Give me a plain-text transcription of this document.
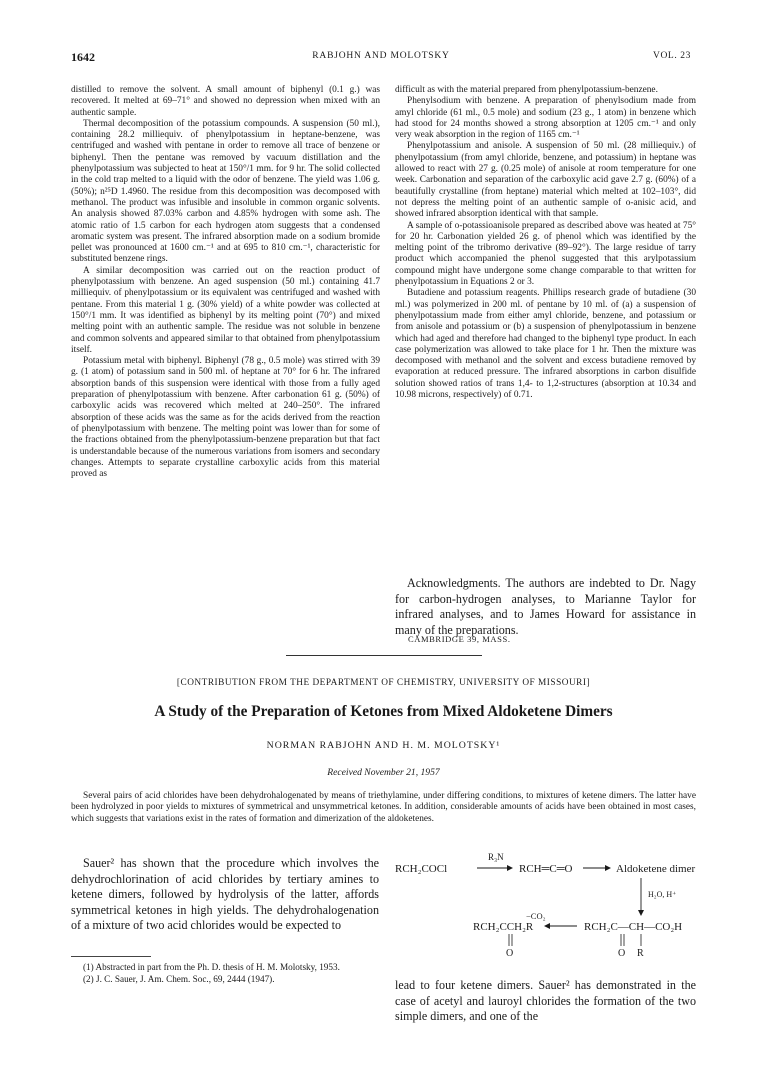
1642	RABJOHN AND MOLOTSKY	VOL. 23

distilled to remove the solvent. A small amount of biphenyl (0.1 g.) was recovered. It melted at 69–71° and showed no depression when mixed with an authentic sample.

Thermal decomposition of the potassium compounds. A suspension (50 ml.), containing 28.2 milliequiv. of phenylpotassium in heptane-benzene, was centrifuged and washed with pentane in order to remove all trace of benzene or biphenyl. Then the pentane was removed by vacuum distillation and the phenylpotassium was subjected to heat at 150°/1 mm. for 9 hr. The solid collected in the cold trap melted to a liquid with the odor of benzene. The yield was 1.06 g. (50%); n²⁵D 1.4960. The residue from this decomposition was decomposed with methanol. The product was infusible and insoluble in common organic solvents. An analysis showed 87.03% carbon and 4.85% hydrogen with some ash. The atomic ratio of 1.5 carbon for each hydrogen atom suggests that a condensed aromatic system was present. The infrared absorption made on a sodium bromide pellet was pronounced at 1600 cm.⁻¹ and at 695 to 810 cm.⁻¹, characteristic for substituted benzene rings.

A similar decomposition was carried out on the reaction product of phenylpotassium with benzene. An aged suspension (50 ml.) containing 41.7 milliequiv. of phenylpotassium or its equivalent was centrifuged and washed with pentane. From this material 1 g. (30% yield) of a white powder was collected at 150°/1 mm. It was identified as biphenyl by its melting point (70°) and mixed melting point with an authentic sample. The residue was not soluble in benzene and common solvents and appeared similar to that obtained from phenylpotassium itself.

Potassium metal with biphenyl. Biphenyl (78 g., 0.5 mole) was stirred with 39 g. (1 atom) of potassium sand in 500 ml. of heptane at 70° for 6 hr. The infrared absorption bands of this suspension were identical with those from a fully aged preparation of phenylpotassium with benzene. After carbonation 61 g. (50%) of carboxylic acids was recovered which melted at 240–250°. The infrared absorption of these acids was the same as for the acids derived from the reaction of phenylpotassium with benzene. The melting point was lower than for some of the fractions obtained from the phenylpotassium-benzene preparation but that fact is understandable because of the numerous variations from isomers and secondary changes. Attempts to separate crystalline carboxylic acids from this material proved as

difficult as with the material prepared from phenylpotassium-benzene.

Phenylsodium with benzene. A preparation of phenylsodium made from amyl chloride (61 ml., 0.5 mole) and sodium (23 g., 1 atom) in benzene which had stood for 24 months showed a strong absorption at 1205 cm.⁻¹ and only very weak absorption in the region of 1165 cm.⁻¹

Phenylpotassium and anisole. A suspension of 50 ml. (28 milliequiv.) of phenylpotassium (from amyl chloride, benzene, and potassium) in heptane was allowed to react with 27 g. (0.25 mole) of anisole at room temperature for one week. Carbonation and separation of the carboxylic acid gave 2.7 g. (60%) of a beautifully crystalline (from heptane) material which melted at 102–103°, did not depress the melting point of an authentic sample of o-anisic acid, and showed infrared absorption identical with that sample.

A sample of o-potassioanisole prepared as described above was heated at 75° for 20 hr. Carbonation yielded 26 g. of phenol which was identified by the melting point of the tribromo derivative (89–92°). The large residue of tarry product which accompanied the phenol suggested that this arylpotassium compound might have undergone some change comparable to that written for phenylpotassium in Equations 2 or 3.

Butadiene and potassium reagents. Phillips research grade of butadiene (30 ml.) was polymerized in 200 ml. of pentane by 10 ml. of (a) a suspension of phenylpotassium made from either amyl chloride, benzene, and potassium or from anisole and potassium or (b) a suspension of phenylpotassium in benzene which had aged and therefore had changed to the biphenyl type product. In each case polymerization was allowed to take place for 1 hr. Then the mixture was decomposed with methanol and the solvent and excess butadiene removed by evaporation at reduced pressure. The infrared absorptions in carbon disulfide solution showed ratios of trans 1,4- to 1,2-structures (absorption at 10.34 and 10.98 microns, respectively) of 0.71.

Acknowledgments. The authors are indebted to Dr. Nagy for carbon-hydrogen analyses, to Marianne Taylor for infrared analyses, and to James Howard for assistance in many of the preparations.
CAMBRIDGE 39, MASS.
[CONTRIBUTION FROM THE DEPARTMENT OF CHEMISTRY, UNIVERSITY OF MISSOURI]
A Study of the Preparation of Ketones from Mixed Aldoketene Dimers
NORMAN RABJOHN AND H. M. MOLOTSKY¹
Received November 21, 1957

Several pairs of acid chlorides have been dehydrohalogenated by means of triethylamine, under differing conditions, to mixtures of ketene dimers. The latter have been hydrolyzed in poor yields to mixtures of symmetrical and unsymmetrical ketones. In addition, considerable amounts of acids have been obtained in most cases, which suggests that variations exist in the rates of formation and dimerization of the aldoketenes.

Sauer² has shown that the procedure which involves the dehydrochlorination of acid chlorides by tertiary amines to ketene dimers, followed by hydrolysis of the latter, affords symmetrical ketones in high yields. The dehydrohalogenation of a mixture of two acid chlorides would be expected to

R₃N
RCH₂COCl	RCH═C═O	Aldoketene dimer
H₂O, H⁺
−CO₂
RCH₂CCH₂R	RCH₂C—CH—CO₂H
O	O R
lead to four ketene dimers. Sauer² has demonstrated in the case of acetyl and lauroyl chlorides the formation of the two simple dimers, and one of the

(1) Abstracted in part from the Ph. D. thesis of H. M. Molotsky, 1953.

(2) J. C. Sauer, J. Am. Chem. Soc., 69, 2444 (1947).
